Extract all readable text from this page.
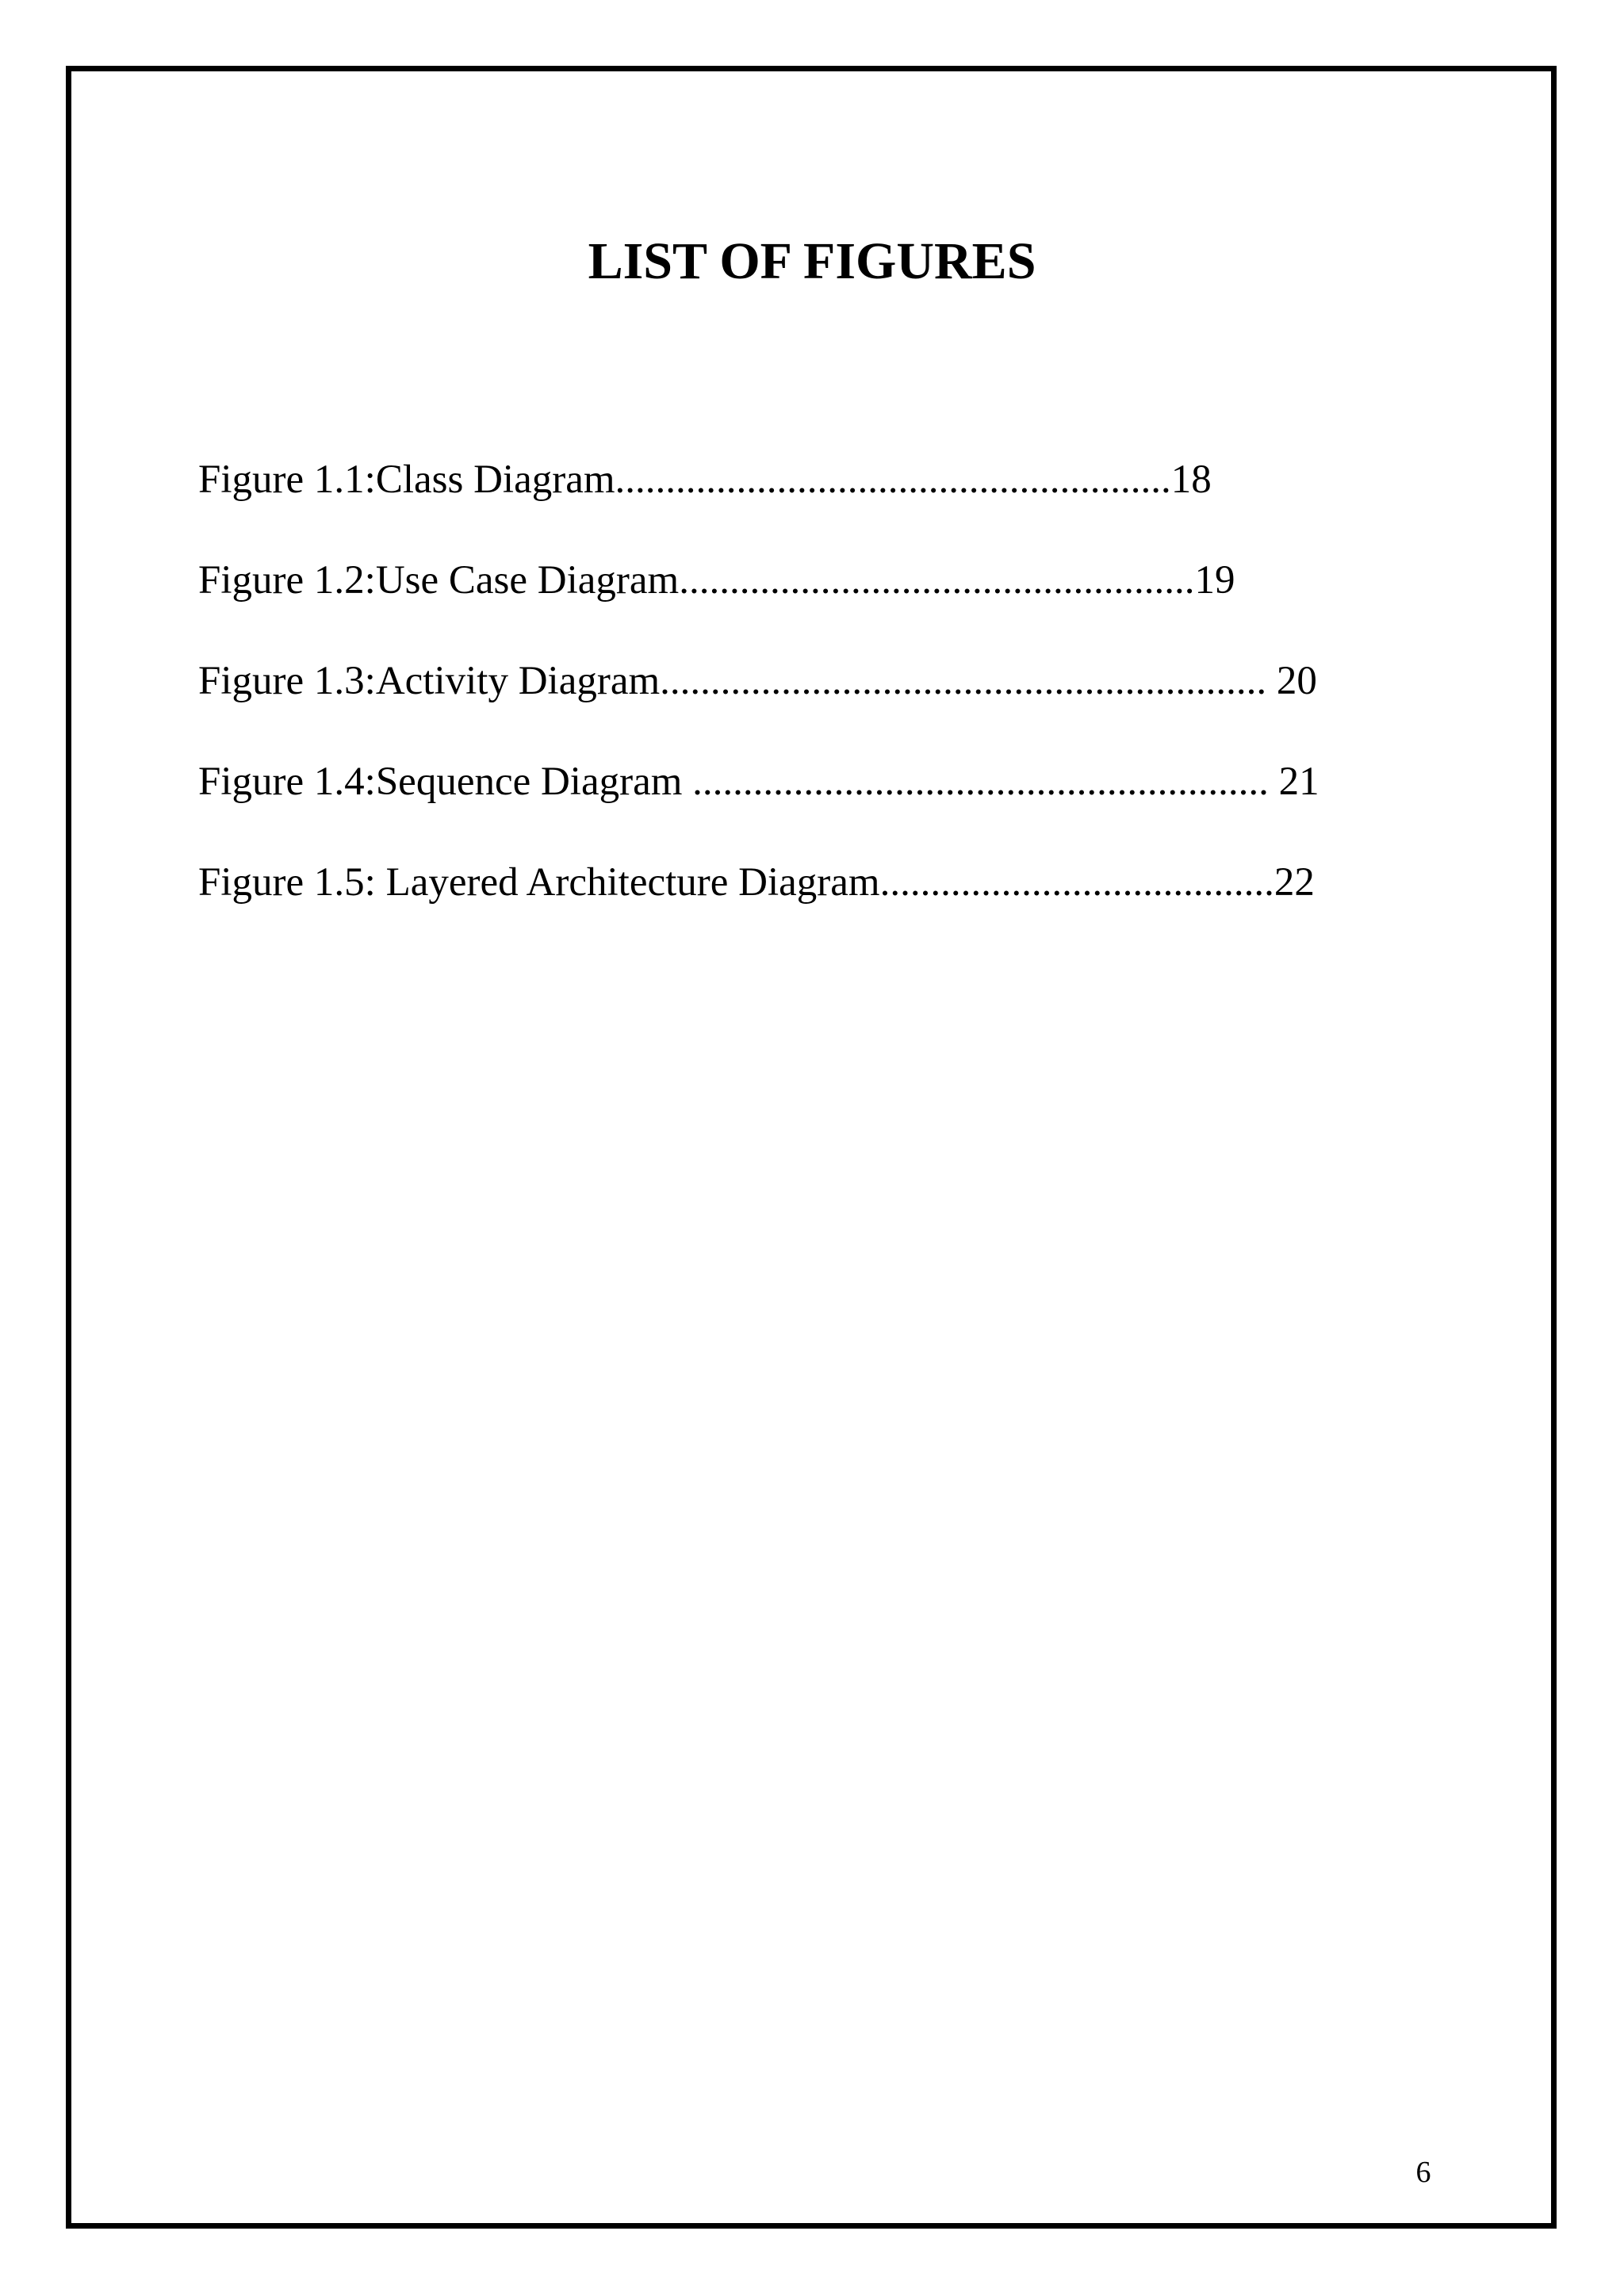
LIST OF FIGURES
Figure 1.1:Class Diagram.......................................................18
Figure 1.2:Use Case Diagram...................................................19
Figure 1.3:Activity Diagram............................................................ 20
Figure 1.4:Sequence Diagram ......................................................... 21
Figure 1.5: Layered Architecture Diagram.......................................22
6
